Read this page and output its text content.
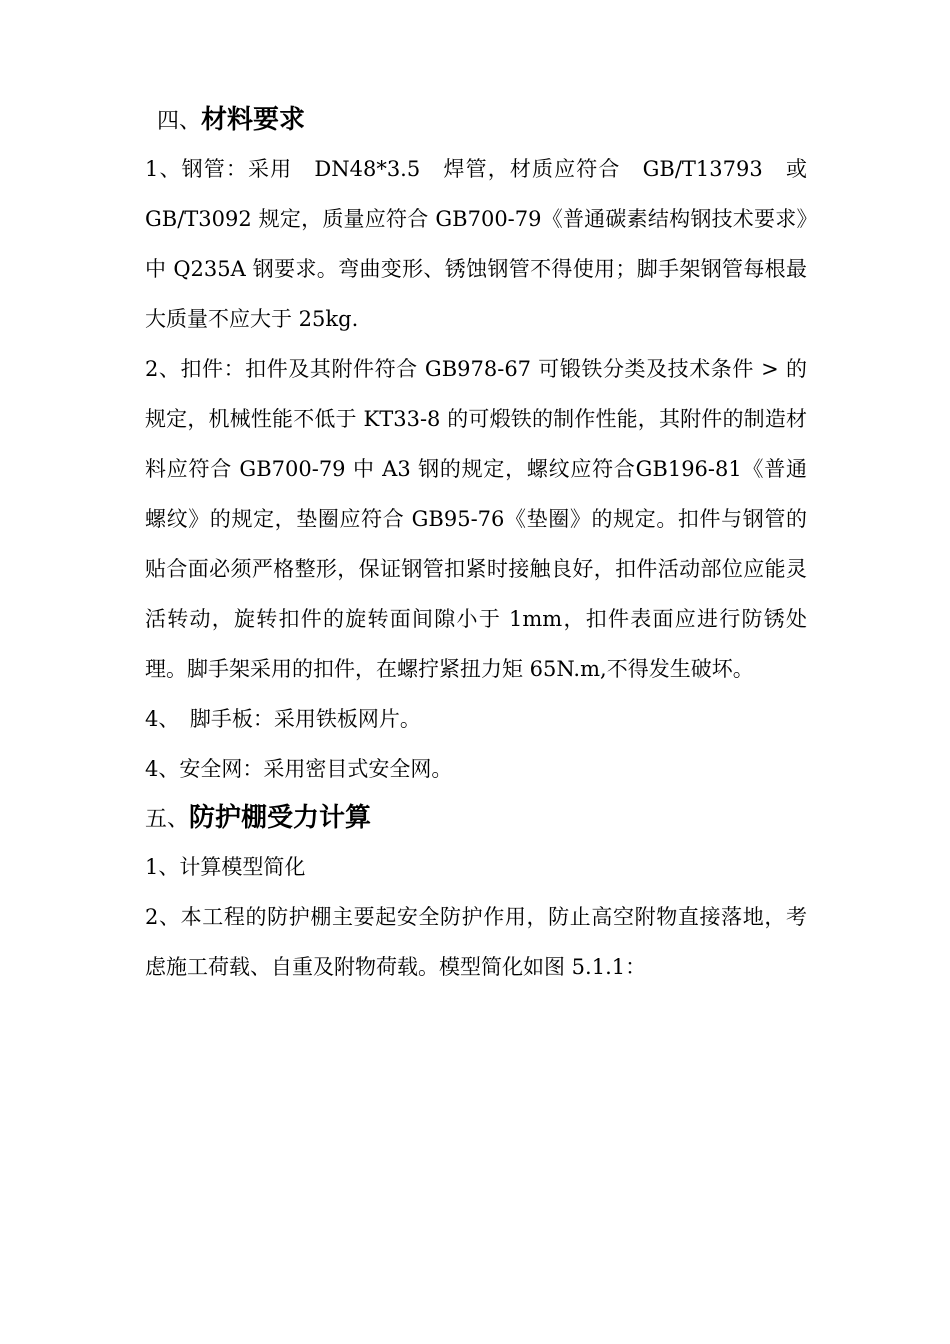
四、材料要求

1、钢管：采用　DN48*3.5　焊管，材质应符合　GB/T13793　或GB/T3092 规定，质量应符合 GB700-79《普通碳素结构钢技术要求》中 Q235A 钢要求。弯曲变形、锈蚀钢管不得使用；脚手架钢管每根最大质量不应大于 25kg.

2、扣件：扣件及其附件符合 GB978-67 可锻铁分类及技术条件 > 的规定，机械性能不低于 KT33-8 的可煅铁的制作性能，其附件的制造材料应符合 GB700-79 中 A3 钢的规定，螺纹应符合GB196-81《普通螺纹》的规定，垫圈应符合 GB95-76《垫圈》的规定。扣件与钢管的贴合面必须严格整形，保证钢管扣紧时接触良好，扣件活动部位应能灵活转动，旋转扣件的旋转面间隙小于 1mm，扣件表面应进行防锈处理。脚手架采用的扣件，在螺拧紧扭力矩 65N.m,不得发生破坏。

4、　脚手板：采用铁板网片。

4、安全网：采用密目式安全网。

五、防护棚受力计算

1、计算模型简化

2、本工程的防护棚主要起安全防护作用，防止高空附物直接落地，考虑施工荷载、自重及附物荷载。模型简化如图 5.1.1：
